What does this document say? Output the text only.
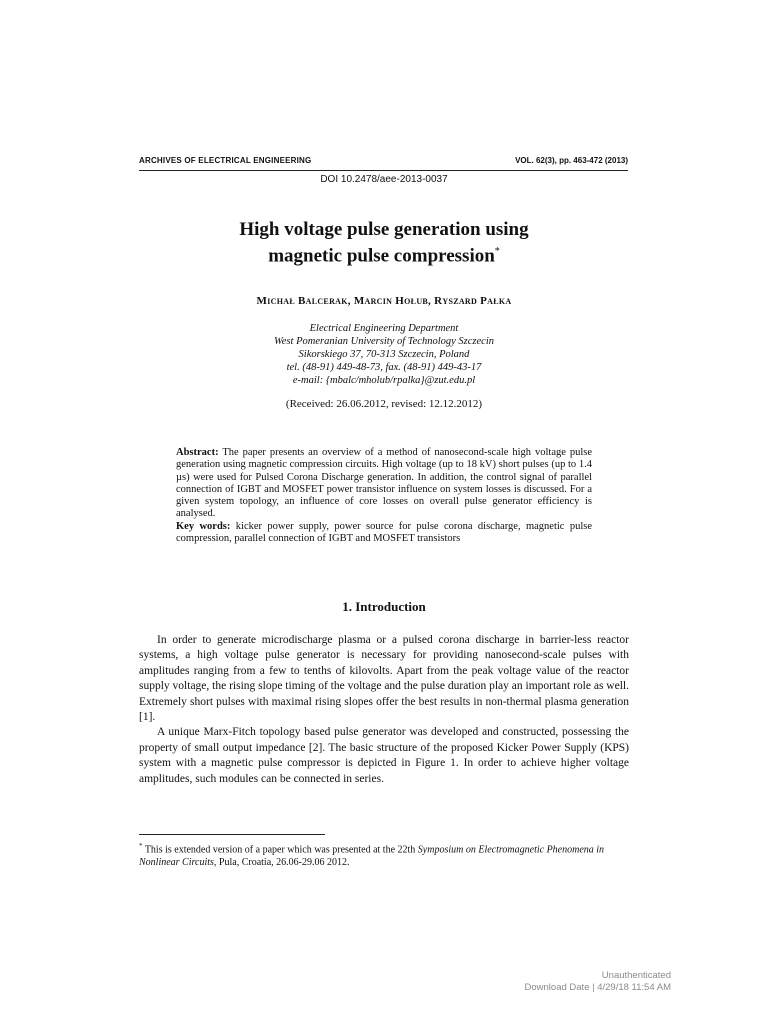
ARCHIVES OF ELECTRICAL ENGINEERING	VOL. 62(3), pp. 463-472 (2013)
DOI 10.2478/aee-2013-0037
High voltage pulse generation using
magnetic pulse compression*
Michał Balcerak, Marcin Hołub, Ryszard Pałka
Electrical Engineering Department
West Pomeranian University of Technology Szczecin
Sikorskiego 37, 70-313 Szczecin, Poland
tel. (48-91) 449-48-73, fax. (48-91) 449-43-17
e-mail: {mbalc/mholub/rpalka}@zut.edu.pl
(Received: 26.06.2012, revised: 12.12.2012)

Abstract: The paper presents an overview of a method of nanosecond-scale high voltage pulse generation using magnetic compression circuits. High voltage (up to 18 kV) short pulses (up to 1.4 µs) were used for Pulsed Corona Discharge generation. In addition, the control signal of parallel connection of IGBT and MOSFET power transistor influence on system losses is discussed. For a given system topology, an influence of core losses on overall pulse generator efficiency is analysed.

Key words: kicker power supply, power source for pulse corona discharge, magnetic pulse compression, parallel connection of IGBT and MOSFET transistors

1. Introduction

In order to generate microdischarge plasma or a pulsed corona discharge in barrier-less reactor systems, a high voltage pulse generator is necessary for providing nanosecond-scale pulses with amplitudes ranging from a few to tenths of kilovolts. Apart from the peak voltage value of the reactor supply voltage, the rising slope timing of the voltage and the pulse duration play an important role as well. Extremely short pulses with maximal rising slopes offer the best results in non-thermal plasma generation [1].

A unique Marx-Fitch topology based pulse generator was developed and constructed, possessing the property of small output impedance [2]. The basic structure of the proposed Kicker Power Supply (KPS) system with a magnetic pulse compressor is depicted in Figure 1. In order to achieve higher voltage amplitudes, such modules can be connected in series.

* This is extended version of a paper which was presented at the 22th Symposium on Electromagnetic Phenomena in Nonlinear Circuits, Pula, Croatia, 26.06-29.06 2012.
Unauthenticated
Download Date | 4/29/18 11:54 AM
